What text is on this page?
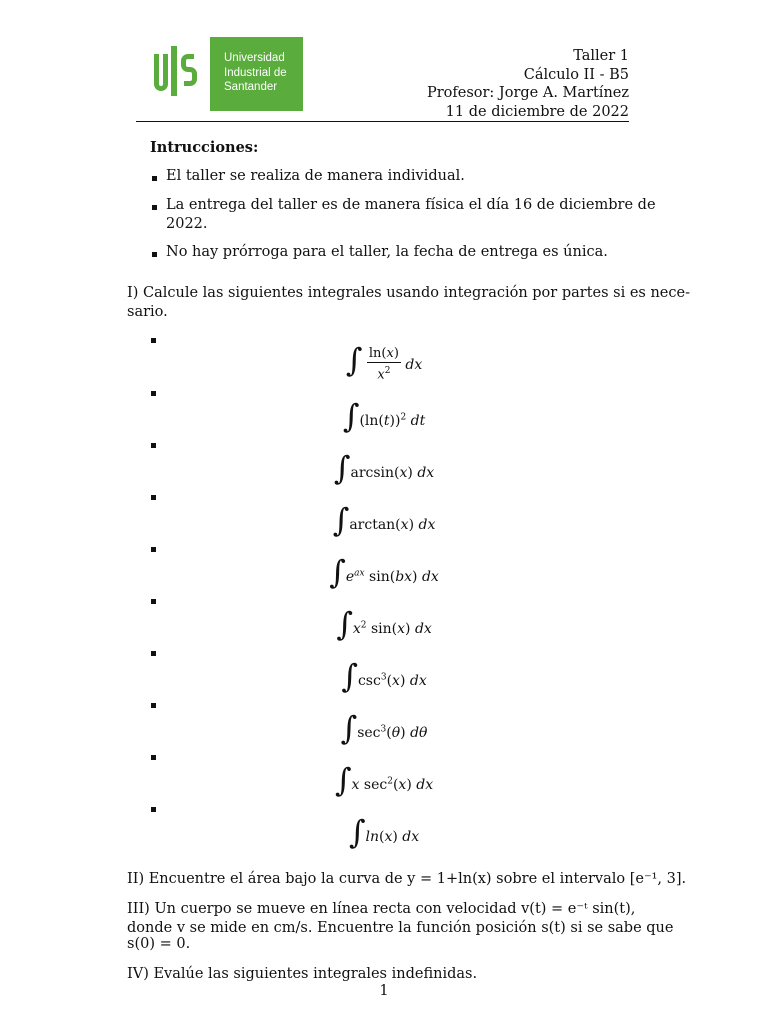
Universidad
Industrial de
Santander
Taller 1
Cálculo II - B5
Profesor: Jorge A. Martínez
11 de diciembre de 2022
Intrucciones:
El taller se realiza de manera individual.
La entrega del taller es de manera física el día 16 de diciembre de
2022.
No hay prórroga para el taller, la fecha de entrega es única.
I) Calcule las siguientes integrales usando integración por partes si es nece-
sario.
∫ $\frac{\ln(x)}{x^2}$ dx
$\int(\ln(t))^2$ dt
∫arcsin(x) dx
∫arctan(x) dx
$\int e^{ax}$ sin(bx) dx
$\int x^2$ sin(x) dx
$\int\csc^3(x)$ dx
$\int\sec^3(\theta)$ dθ
∫x $\sec^2(x)$ dx
∫ln(x) dx
II) Encuentre el área bajo la curva de y = 1+ln(x) sobre el intervalo [e⁻¹, 3].
III) Un cuerpo se mueve en línea recta con velocidad v(t) = e⁻ᵗ sin(t),
donde v se mide en cm/s. Encuentre la función posición s(t) si se sabe que
s(0) = 0.
IV) Evalúe las siguientes integrales indefinidas.
1
